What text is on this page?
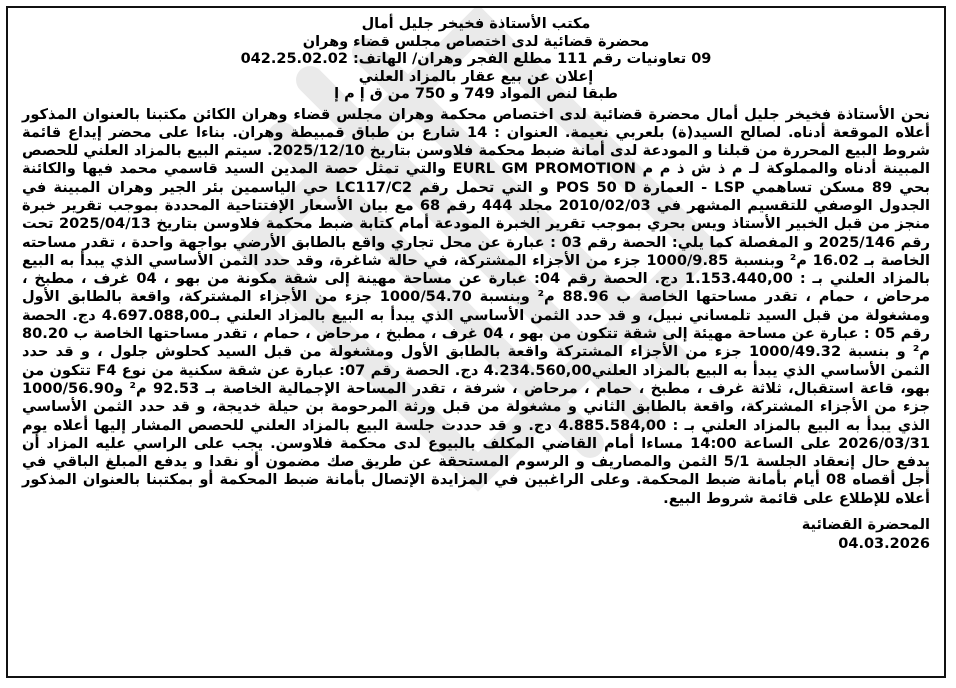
مكتب الأستاذة فخيخر جليل أمال

محضرة قضائية لدى اختصاص مجلس قضاء وهران

09 تعاونيات رقم 111 مطلع الفجر وهران/ الهاتف: 042.25.02.02

إعلان عن بيع عقار بالمزاد العلني

طبقا لنص المواد 749 و 750 من ق إ م إ

نحن الأستاذة فخيخر جليل أمال محضرة قضائية لدى اختصاص محكمة وهران مجلس قضاء وهران الكائن مكتبنا بالعنوان المذكور أعلاه الموقعة أدناه. لصالح السيد(ة) بلعربي نعيمة. العنوان : 14 شارع بن طباق قمبيطة وهران. بناءا على محضر إيداع قائمة شروط البيع المحررة من قبلنا و المودعة لدى أمانة ضبط محكمة فلاوسن بتاريخ 2025/12/10. سيتم البيع بالمزاد العلني للحصص المبينة أدناه والمملوكة لـ م ذ ش ذ م م EURL GM PROMOTION والتي تمثل حصة المدين السيد قاسمي محمد فيها والكائنة بحي 89 مسكن تساهمي LSP - العمارة POS 50 D و التي تحمل رقم LC117/C2 حي الياسمين بئر الجير وهران المبينة في الجدول الوصفي للتقسيم المشهر في 2010/02/03 مجلد 444 رقم 68 مع بيان الأسعار الإفتتاحية المحددة بموجب تقرير خبرة منجز من قبل الخبير الأستاذ ويس بحري بموجب تقرير الخبرة المودعة أمام كتابة ضبط محكمة فلاوسن بتاريخ 2025/04/13 تحت رقم 2025/146 و المفصلة كما يلي: الحصة رقم 03 : عبارة عن محل تجاري واقع بالطابق الأرضي بواجهة واحدة ، تقدر مساحته الخاصة بـ 16.02 م² وبنسبة 1000/9.85 جزء من الأجزاء المشتركة، في حالة شاغرة، وقد حدد الثمن الأساسي الذي يبدأ به البيع بالمزاد العلني بـ : 1.153.440,00 دج. الحصة رقم 04: عبارة عن مساحة مهينة إلى شقة مكونة من بهو ، 04 غرف ، مطبخ ، مرحاض ، حمام ، تقدر مساحتها الخاصة ب 88.96 م² وبنسبة 1000/54.70 جزء من الأجزاء المشتركة، واقعة بالطابق الأول ومشغولة من قبل السيد تلمساني نبيل، و قد حدد الثمن الأساسي الذي يبدأ به البيع بالمزاد العلني بـ4.697.088,00 دج. الحصة رقم 05 : عبارة عن مساحة مهيئة إلى شقة تتكون من بهو ، 04 غرف ، مطبخ ، مرحاض ، حمام ، تقدر مساحتها الخاصة ب 80.20 م² و بنسبة 1000/49.32 جزء من الأجزاء المشتركة واقعة بالطابق الأول ومشغولة من قبل السيد كحلوش جلول ، و قد حدد الثمن الأساسي الذي يبدأ به البيع بالمزاد العلني4.234.560,00 دج. الحصة رقم 07: عبارة عن شقة سكنية من نوع F4 تتكون من بهو، قاعة استقبال، ثلاثة غرف ، مطبخ ، حمام ، مرحاض ، شرفة ، تقدر المساحة الإجمالية الخاصة بـ 92.53 م² و1000/56.90 جزء من الأجزاء المشتركة، واقعة بالطابق الثاني و مشغولة من قبل ورثة المرحومة بن حيلة خديجة، و قد حدد الثمن الأساسي الذي يبدأ به البيع بالمزاد العلني بـ : 4.885.584,00 دج. و قد حددت جلسة البيع بالمزاد العلني للحصص المشار إليها أعلاه يوم 2026/03/31 على الساعة 14:00 مساءا أمام القاضي المكلف بالبيوع لدى محكمة فلاوسن. يجب على الراسي عليه المزاد أن يدفع حال إنعقاد الجلسة 5/1 الثمن والمصاريف و الرسوم المستحقة عن طريق صك مضمون أو نقدا و يدفع المبلغ الباقي في أجل أقصاه 08 أيام بأمانة ضبط المحكمة. وعلى الراغبين في المزايدة الإتصال بأمانة ضبط المحكمة أو بمكتبنا بالعنوان المذكور أعلاه للإطلاع على قائمة شروط البيع.

المحضرة القضائية
04.03.2026
